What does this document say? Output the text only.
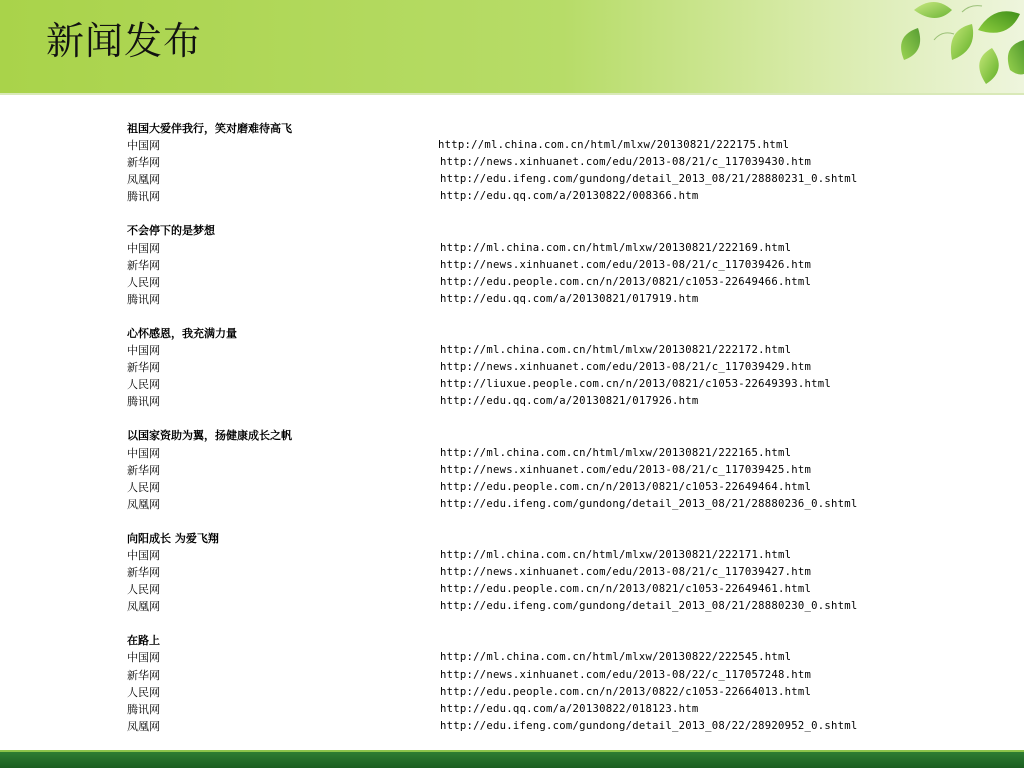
新闻发布
祖国大爱伴我行，笑对磨难待高飞
中国网	http://ml.china.com.cn/html/mlxw/20130821/222175.html
新华网	http://news.xinhuanet.com/edu/2013-08/21/c_117039430.htm
凤凰网	http://edu.ifeng.com/gundong/detail_2013_08/21/28880231_0.shtml
腾讯网	http://edu.qq.com/a/20130822/008366.htm
不会停下的是梦想
中国网	http://ml.china.com.cn/html/mlxw/20130821/222169.html
新华网	http://news.xinhuanet.com/edu/2013-08/21/c_117039426.htm
人民网	http://edu.people.com.cn/n/2013/0821/c1053-22649466.html
腾讯网	http://edu.qq.com/a/20130821/017919.htm
心怀感恩，我充满力量
中国网	http://ml.china.com.cn/html/mlxw/20130821/222172.html
新华网	http://news.xinhuanet.com/edu/2013-08/21/c_117039429.htm
人民网	http://liuxue.people.com.cn/n/2013/0821/c1053-22649393.html
腾讯网	http://edu.qq.com/a/20130821/017926.htm
以国家资助为翼，扬健康成长之帆
中国网	http://ml.china.com.cn/html/mlxw/20130821/222165.html
新华网	http://news.xinhuanet.com/edu/2013-08/21/c_117039425.htm
人民网	http://edu.people.com.cn/n/2013/0821/c1053-22649464.html
凤凰网	http://edu.ifeng.com/gundong/detail_2013_08/21/28880236_0.shtml
向阳成长 为爱飞翔
中国网	http://ml.china.com.cn/html/mlxw/20130821/222171.html
新华网	http://news.xinhuanet.com/edu/2013-08/21/c_117039427.htm
人民网	http://edu.people.com.cn/n/2013/0821/c1053-22649461.html
凤凰网	http://edu.ifeng.com/gundong/detail_2013_08/21/28880230_0.shtml
在路上
中国网	http://ml.china.com.cn/html/mlxw/20130822/222545.html
新华网	http://news.xinhuanet.com/edu/2013-08/22/c_117057248.htm
人民网	http://edu.people.com.cn/n/2013/0822/c1053-22664013.html
腾讯网	http://edu.qq.com/a/20130822/018123.htm
凤凰网	http://edu.ifeng.com/gundong/detail_2013_08/22/28920952_0.shtml
